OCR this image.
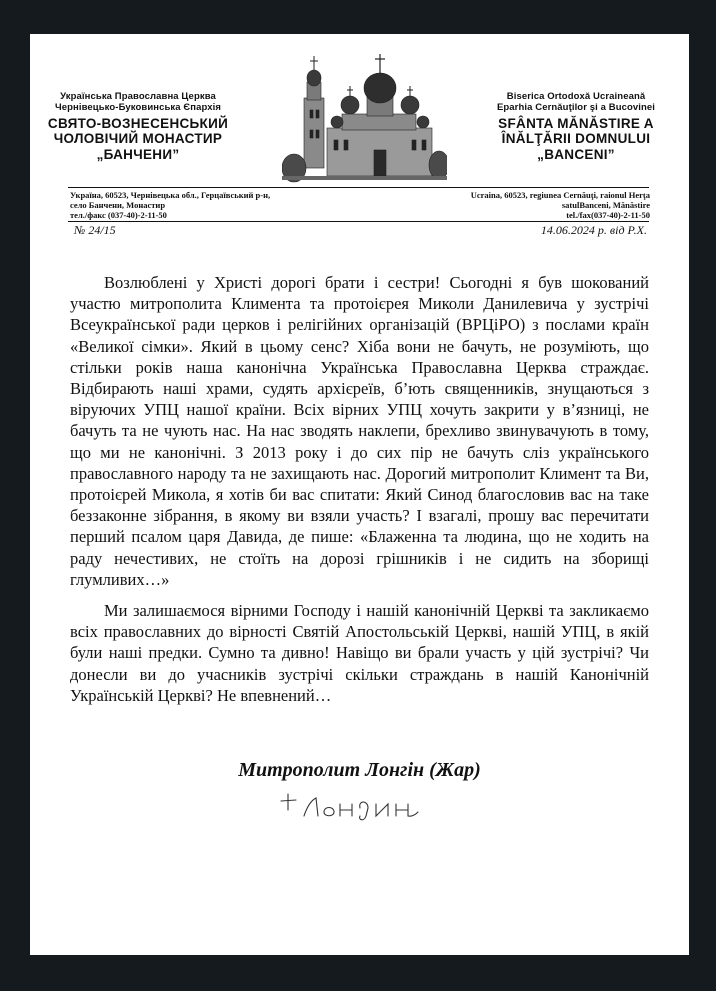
Українська Православна Церква
Чернівецько-Буковинська Єпархія
СВЯТО-ВОЗНЕСЕНСЬКИЙ
ЧОЛОВІЧИЙ МОНАСТИР
„БАНЧЕНИ”
Biserica Ortodoxă Ucraineană
Eparhia Cernăuţilor şi a Bucovinei
SFÂNTA MĂNĂSTIRE A
ÎNĂLŢĂRII DOMNULUI
„BANCENI”
Україна, 60523, Чернівецька обл., Герцаївський р-н,
село Банчени, Монастир
тел./факс (037-40)-2-11-50
Ucraina, 60523, regiunea Cernăuţi, raionul Herţa
satulBanceni, Mănăstire
tel./fax(037-40)-2-11-50
№ 24/15	14.06.2024 р. від Р.Х.

Возлюблені у Христі дорогі брати і сестри! Сьогодні я був шокований участю митрополита Климента та протоієрея Миколи Данилевича у зустрічі Всеукраїнської ради церков і релігійних організацій (ВРЦіРО) з послами країн «Великої сімки». Який в цьому сенс? Хіба вони не бачуть, не розуміють, що стільки років наша канонічна Українська Православна Церква страждає. Відбирають наші храми, судять архієреїв, б’ють священників, знущаються з віруючих УПЦ нашої країни. Всіх вірних УПЦ хочуть закрити у в’язниці, не бачуть та не чують нас. На нас зводять наклепи, брехливо звинувачують в тому, що ми не канонічні. З 2013 року і до сих пір не бачуть сліз українського православного народу та не захищають нас. Дорогий митрополит Климент та Ви, протоієрей Микола, я хотів би вас спитати: Який Синод благословив вас на таке беззаконне зібрання, в якому ви взяли участь? І взагалі, прошу вас перечитати перший псалом царя Давида, де пише: «Блаженна та людина, що не ходить на раду нечестивих, не стоїть на дорозі грішників і не сидить на зборищі глумливих…»

Ми залишаємося вірними Господу і нашій канонічній Церкві та закликаємо всіх православних до вірності Святій Апостольській Церкві, нашій УПЦ, в якій були наші предки. Сумно та дивно! Навіщо ви брали участь у цій зустрічі? Чи донесли ви до учасників зустрічі скільки страждань в нашій Канонічній Українській Церкві? Не впевнений…

Митрополит Лонгін (Жар)
